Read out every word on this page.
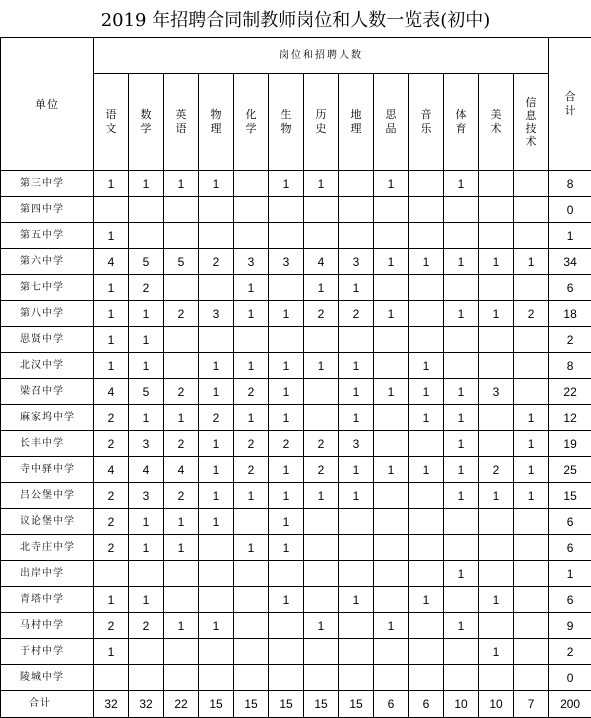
2019 年招聘合同制教师岗位和人数一览表(初中)
单位	岗位和招聘人数													合计
	语文	数学	英语	物理	化学	生物	历史	地理	思品	音乐	体育	美术	信息技术	
第三中学	1	1	1	1		1	1		1		1			8
第四中学														0
第五中学	1													1
第六中学	4	5	5	2	3	3	4	3	1	1	1	1	1	34
第七中学	1	2			1		1	1						6
第八中学	1	1	2	3	1	1	2	2	1		1	1	2	18
思贤中学	1	1												2
北汉中学	1	1		1	1	1	1	1		1				8
梁召中学	4	5	2	1	2	1		1	1	1	1	3		22
麻家坞中学	2	1	1	2	1	1		1		1	1		1	12
长丰中学	2	3	2	1	2	2	2	3			1		1	19
寺中驿中学	4	4	4	1	2	1	2	1	1	1	1	2	1	25
吕公堡中学	2	3	2	1	1	1	1	1			1	1	1	15
议论堡中学	2	1	1	1		1								6
北寺庄中学	2	1	1		1	1								6
出岸中学											1			1
青塔中学	1	1				1		1		1		1		6
马村中学	2	2	1	1			1		1		1			9
于村中学	1											1		2
陵城中学														0
合计	32	32	22	15	15	15	15	15	6	6	10	10	7	200
